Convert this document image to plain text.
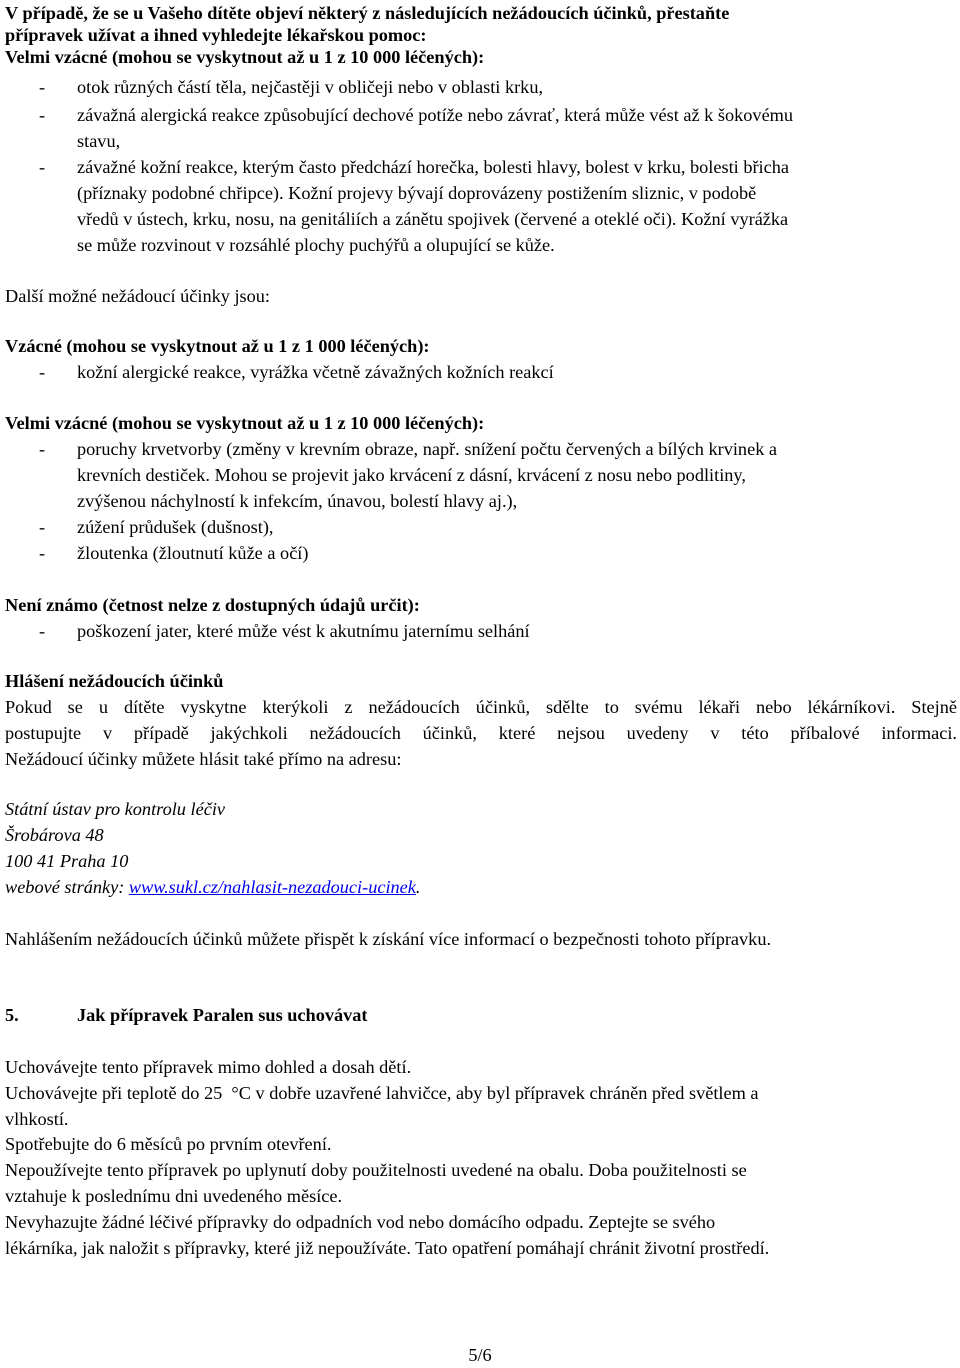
V případě, že se u Vašeho dítěte objeví některý z následujících nežádoucích účinků, přestaňte
přípravek užívat a ihned vyhledejte lékařskou pomoc:
Velmi vzácné (mohou se vyskytnout až u 1 z 10 000 léčených):
- otok různých částí těla, nejčastěji v obličeji nebo v oblasti krku,
- závažná alergická reakce způsobující dechové potíže nebo závrať, která může vést až k šokovému
stavu,
- závažné kožní reakce, kterým často předchází horečka, bolesti hlavy, bolest v krku, bolesti břicha
(příznaky podobné chřipce). Kožní projevy bývají doprovázeny postižením sliznic, v podobě
vředů v ústech, krku, nosu, na genitáliích a zánětu spojivek (červené a oteklé oči). Kožní vyrážka
se může rozvinout v rozsáhlé plochy puchýřů a olupující se kůže.
Další možné nežádoucí účinky jsou:
Vzácné (mohou se vyskytnout až u 1 z 1 000 léčených):
- kožní alergické reakce, vyrážka včetně závažných kožních reakcí
Velmi vzácné (mohou se vyskytnout až u 1 z 10 000 léčených):
- poruchy krvetvorby (změny v krevním obraze, např. snížení počtu červených a bílých krvinek a
krevních destiček. Mohou se projevit jako krvácení z dásní, krvácení z nosu nebo podlitiny,
zvýšenou náchylností k infekcím, únavou, bolestí hlavy aj.),
- zúžení průdušek (dušnost),
- žloutenka (žloutnutí kůže a očí)
Není známo (četnost nelze z dostupných údajů určit):
- poškození jater, které může vést k akutnímu jaternímu selhání
Hlášení nežádoucích účinků
Pokud se u dítěte vyskytne kterýkoli z nežádoucích účinků, sdělte to svému lékaři nebo lékárníkovi. Stejně
postupujte v případě jakýchkoli nežádoucích účinků, které nejsou uvedeny v této příbalové informaci.
Nežádoucí účinky můžete hlásit také přímo na adresu:
Státní ústav pro kontrolu léčiv
Šrobárova 48
100 41 Praha 10
webové stránky: www.sukl.cz/nahlasit-nezadouci-ucinek.
Nahlášením nežádoucích účinků můžete přispět k získání více informací o bezpečnosti tohoto přípravku.
5.	Jak přípravek Paralen sus uchovávat
Uchovávejte tento přípravek mimo dohled a dosah dětí.
Uchovávejte při teplotě do 25  °C v dobře uzavřené lahvičce, aby byl přípravek chráněn před světlem a
vlhkostí.
Spotřebujte do 6 měsíců po prvním otevření.
Nepoužívejte tento přípravek po uplynutí doby použitelnosti uvedené na obalu. Doba použitelnosti se
vztahuje k poslednímu dni uvedeného měsíce.
Nevyhazujte žádné léčivé přípravky do odpadních vod nebo domácího odpadu. Zeptejte se svého
lékárníka, jak naložit s přípravky, které již nepoužíváte. Tato opatření pomáhají chránit životní prostředí.
5/6
